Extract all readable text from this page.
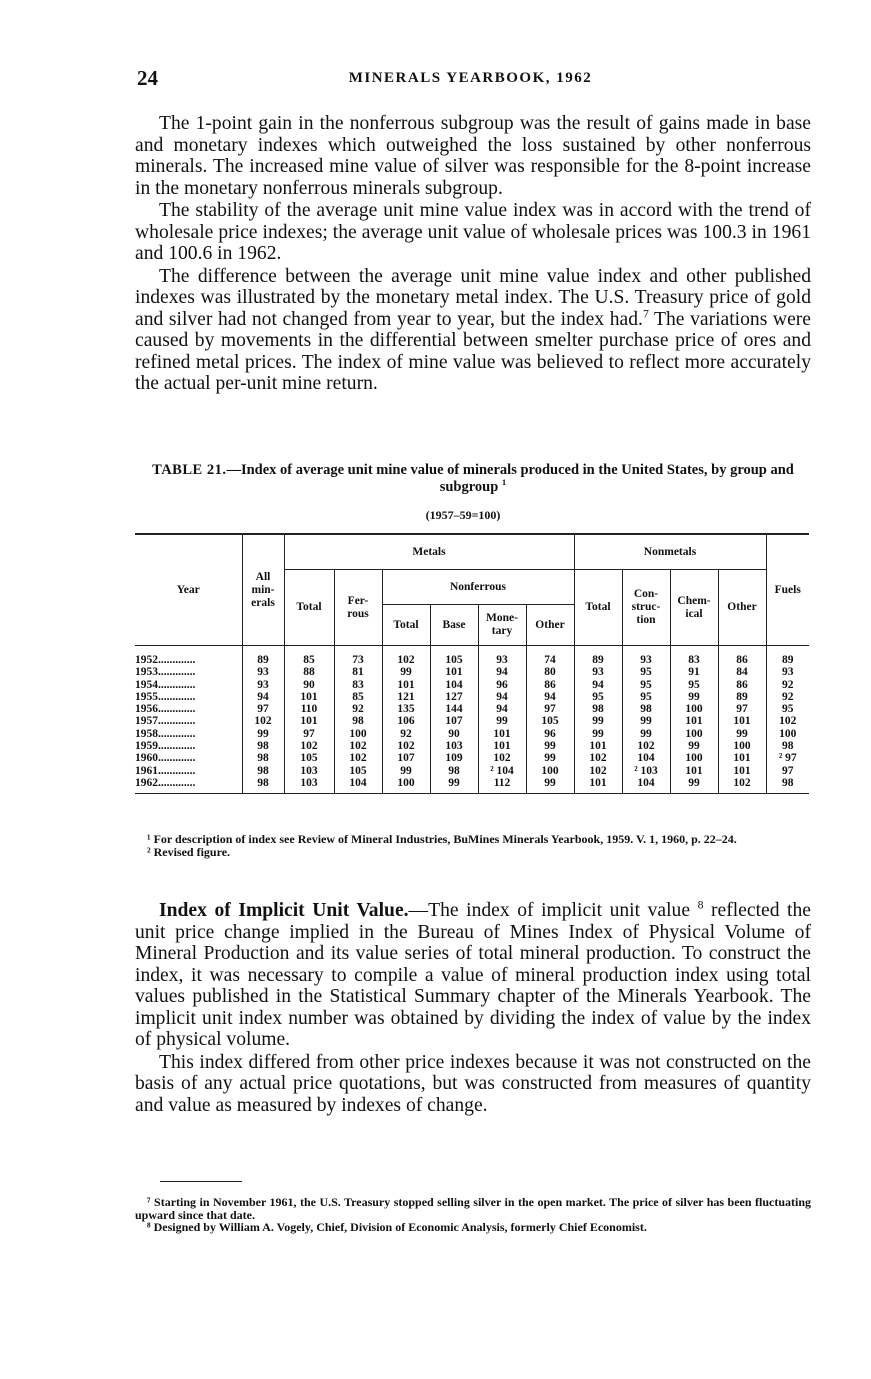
24	MINERALS YEARBOOK, 1962

The 1-point gain in the nonferrous subgroup was the result of gains made in base and monetary indexes which outweighed the loss sustained by other nonferrous minerals. The increased mine value of silver was responsible for the 8-point increase in the monetary nonferrous minerals subgroup.

The stability of the average unit mine value index was in accord with the trend of wholesale price indexes; the average unit value of wholesale prices was 100.3 in 1961 and 100.6 in 1962.

The difference between the average unit mine value index and other published indexes was illustrated by the monetary metal index. The U.S. Treasury price of gold and silver had not changed from year to year, but the index had.$^7$ The variations were caused by movements in the differential between smelter purchase price of ores and refined metal prices. The index of mine value was believed to reflect more accurately the actual per-unit mine return.

TABLE 21.—Index of average unit mine value of minerals produced in the United States, by group and subgroup $^1$
(1957–59=100)
Year	All min- erals	Metals						Nonmetals				Fuels
		Total	Fer- rous	Nonferrous				Total	Con- struc- tion	Chem- ical	Other	
				Total	Base	Mone- tary	Other					
1952.............	89	85	73	102	105	93	74	89	93	83	86	89
1953.............	93	88	81	99	101	94	80	93	95	91	84	93
1954.............	93	90	83	101	104	96	86	94	95	95	86	92
1955.............	94	101	85	121	127	94	94	95	95	99	89	92
1956.............	97	110	92	135	144	94	97	98	98	100	97	95
1957.............	102	101	98	106	107	99	105	99	99	101	101	102
1958.............	99	97	100	92	90	101	96	99	99	100	99	100
1959.............	98	102	102	102	103	101	99	101	102	99	100	98
1960.............	98	105	102	107	109	102	99	102	104	100	101	² 97
1961.............	98	103	105	99	98	² 104	100	102	² 103	101	101	97
1962.............	98	103	104	100	99	112	99	101	104	99	102	98
¹ For description of index see Review of Mineral Industries, BuMines Minerals Yearbook, 1959. V. 1, 1960, p. 22–24.
² Revised figure.

Index of Implicit Unit Value.—The index of implicit unit value $^8$ reflected the unit price change implied in the Bureau of Mines Index of Physical Volume of Mineral Production and its value series of total mineral production. To construct the index, it was necessary to compile a value of mineral production index using total values published in the Statistical Summary chapter of the Minerals Yearbook. The implicit unit index number was obtained by dividing the index of value by the index of physical volume.

This index differed from other price indexes because it was not constructed on the basis of any actual price quotations, but was constructed from measures of quantity and value as measured by indexes of change.

⁷ Starting in November 1961, the U.S. Treasury stopped selling silver in the open market. The price of silver has been fluctuating upward since that date.
⁸ Designed by William A. Vogely, Chief, Division of Economic Analysis, formerly Chief Economist.
